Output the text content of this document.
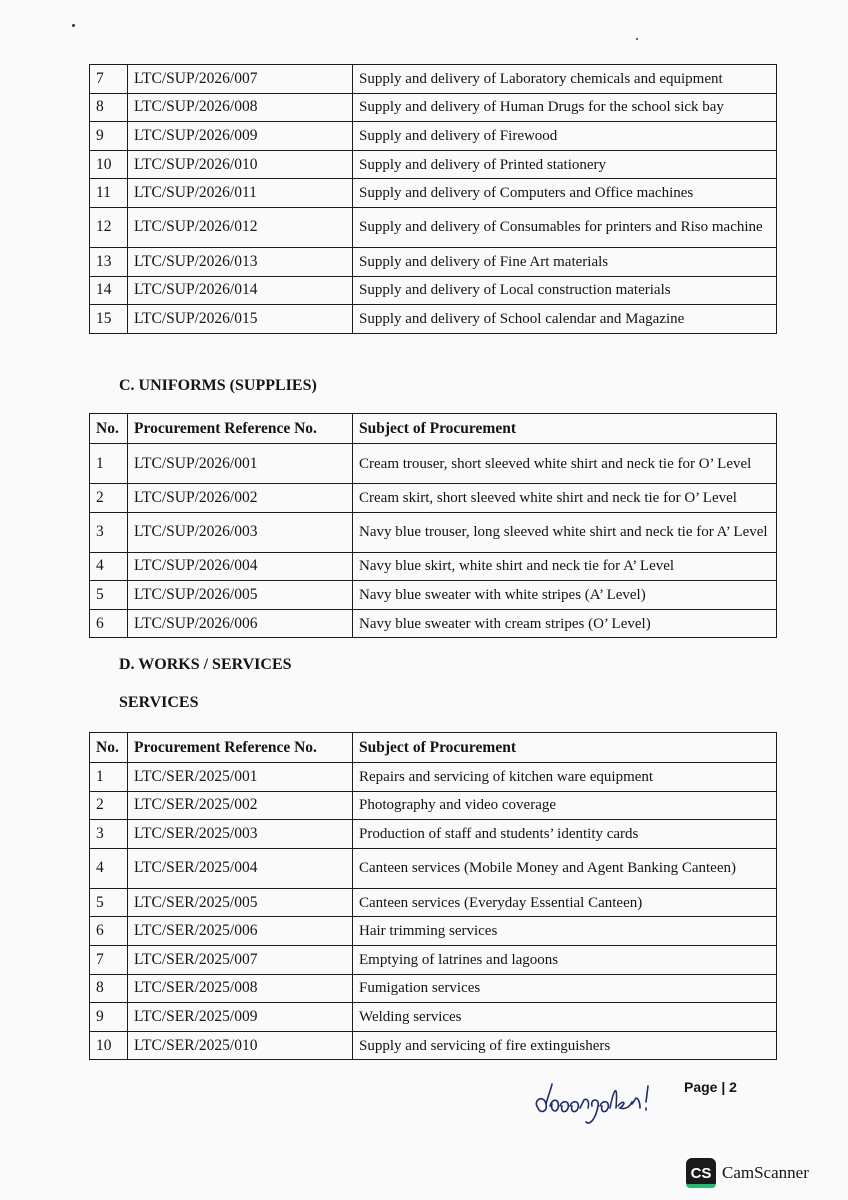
7	LTC/SUP/2026/007	Supply and delivery of Laboratory chemicals and equipment
8	LTC/SUP/2026/008	Supply and delivery of Human Drugs for the school sick bay
9	LTC/SUP/2026/009	Supply and delivery of Firewood
10	LTC/SUP/2026/010	Supply and delivery of Printed stationery
11	LTC/SUP/2026/011	Supply and delivery of Computers and Office machines
12	LTC/SUP/2026/012	Supply and delivery of Consumables for printers and Riso machine
13	LTC/SUP/2026/013	Supply and delivery of Fine Art materials
14	LTC/SUP/2026/014	Supply and delivery of Local construction materials
15	LTC/SUP/2026/015	Supply and delivery of School calendar and Magazine
C. UNIFORMS (SUPPLIES)
No.	Procurement Reference No.	Subject of Procurement
1	LTC/SUP/2026/001	Cream trouser, short sleeved white shirt and neck tie for O’ Level
2	LTC/SUP/2026/002	Cream skirt, short sleeved white shirt and neck tie for O’ Level
3	LTC/SUP/2026/003	Navy blue trouser, long sleeved white shirt and neck tie for A’ Level
4	LTC/SUP/2026/004	Navy blue skirt, white shirt and neck tie for A’ Level
5	LTC/SUP/2026/005	Navy blue sweater with white stripes (A’ Level)
6	LTC/SUP/2026/006	Navy blue sweater with cream stripes (O’ Level)
D. WORKS / SERVICES
SERVICES
No.	Procurement Reference No.	Subject of Procurement
1	LTC/SER/2025/001	Repairs and servicing of kitchen ware equipment
2	LTC/SER/2025/002	Photography and video coverage
3	LTC/SER/2025/003	Production of staff and students’ identity cards
4	LTC/SER/2025/004	Canteen services (Mobile Money and Agent Banking Canteen)
5	LTC/SER/2025/005	Canteen services (Everyday Essential Canteen)
6	LTC/SER/2025/006	Hair trimming services
7	LTC/SER/2025/007	Emptying of latrines and lagoons
8	LTC/SER/2025/008	Fumigation services
9	LTC/SER/2025/009	Welding services
10	LTC/SER/2025/010	Supply and servicing of fire extinguishers
Page | 2
CS CamScanner
